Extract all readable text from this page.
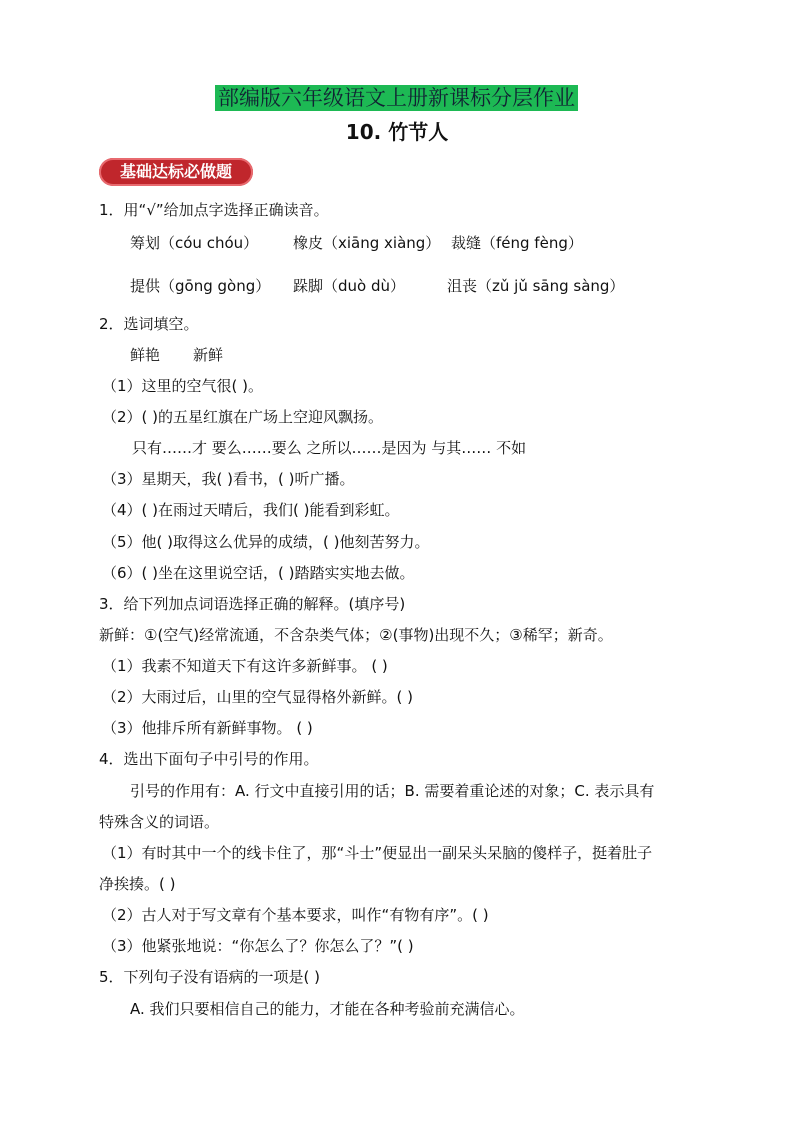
部编版六年级语文上册新课标分层作业
10. 竹节人
基础达标必做题
1．用“√”给加点字选择正确读音。
筹划（cóu chóu） 橡皮（xiāng xiàng） 裁缝（féng fèng）
提供（gōng gòng） 跺脚（duò dù）	沮丧（zǔ jǔ sāng sàng）
2．选词填空。
鲜艳 新鲜
（1）这里的空气很( )。
（2）( )的五星红旗在广场上空迎风飘扬。
只有……才 要么……要么 之所以……是因为 与其…… 不如
（3）星期天，我( )看书，( )听广播。
（4）( )在雨过天晴后，我们( )能看到彩虹。
（5）他( )取得这么优异的成绩，( )他刻苦努力。
（6）( )坐在这里说空话，( )踏踏实实地去做。
3．给下列加点词语选择正确的解释。(填序号)
新鲜：①(空气)经常流通，不含杂类气体；②(事物)出现不久；③稀罕；新奇。
（1）我素不知道天下有这许多新鲜事。 ( )
（2）大雨过后，山里的空气显得格外新鲜。( )
（3）他排斥所有新鲜事物。 ( )
4．选出下面句子中引号的作用。
引号的作用有：A. 行文中直接引用的话；B. 需要着重论述的对象；C. 表示具有
特殊含义的词语。
（1）有时其中一个的线卡住了，那“斗士”便显出一副呆头呆脑的傻样子，挺着肚子
净挨揍。( )
（2）古人对于写文章有个基本要求，叫作“有物有序”。( )
（3）他紧张地说：“你怎么了？你怎么了？”( )
5．下列句子没有语病的一项是( )
A. 我们只要相信自己的能力，才能在各种考验前充满信心。
